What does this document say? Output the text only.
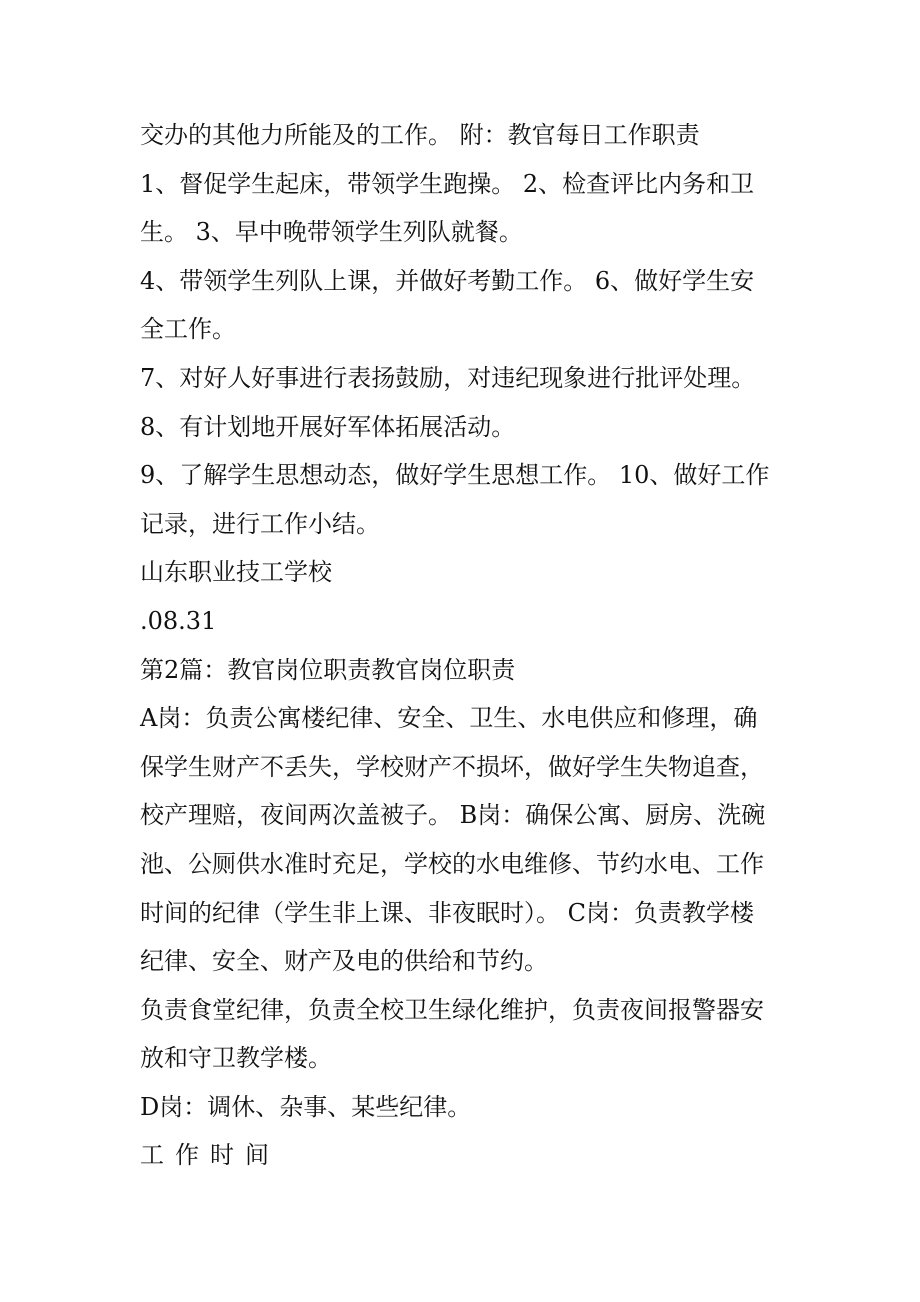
交办的其他力所能及的工作。 附：教官每日工作职责

1、督促学生起床，带领学生跑操。 2、检查评比内务和卫

生。 3、早中晚带领学生列队就餐。

4、带领学生列队上课，并做好考勤工作。 6、做好学生安

全工作。

7、对好人好事进行表扬鼓励，对违纪现象进行批评处理。

8、有计划地开展好军体拓展活动。

9、了解学生思想动态，做好学生思想工作。 10、做好工作

记录，进行工作小结。

山东职业技工学校

.08.31

第2篇：教官岗位职责教官岗位职责

A岗：负责公寓楼纪律、安全、卫生、水电供应和修理，确

保学生财产不丢失，学校财产不损坏，做好学生失物追查，

校产理赔，夜间两次盖被子。 B岗：确保公寓、厨房、洗碗

池、公厕供水准时充足，学校的水电维修、节约水电、工作

时间的纪律（学生非上课、非夜眠时）。 C岗：负责教学楼

纪律、安全、财产及电的供给和节约。

负责食堂纪律，负责全校卫生绿化维护，负责夜间报警器安

放和守卫教学楼。

D岗：调休、杂事、某些纪律。

工作时间
